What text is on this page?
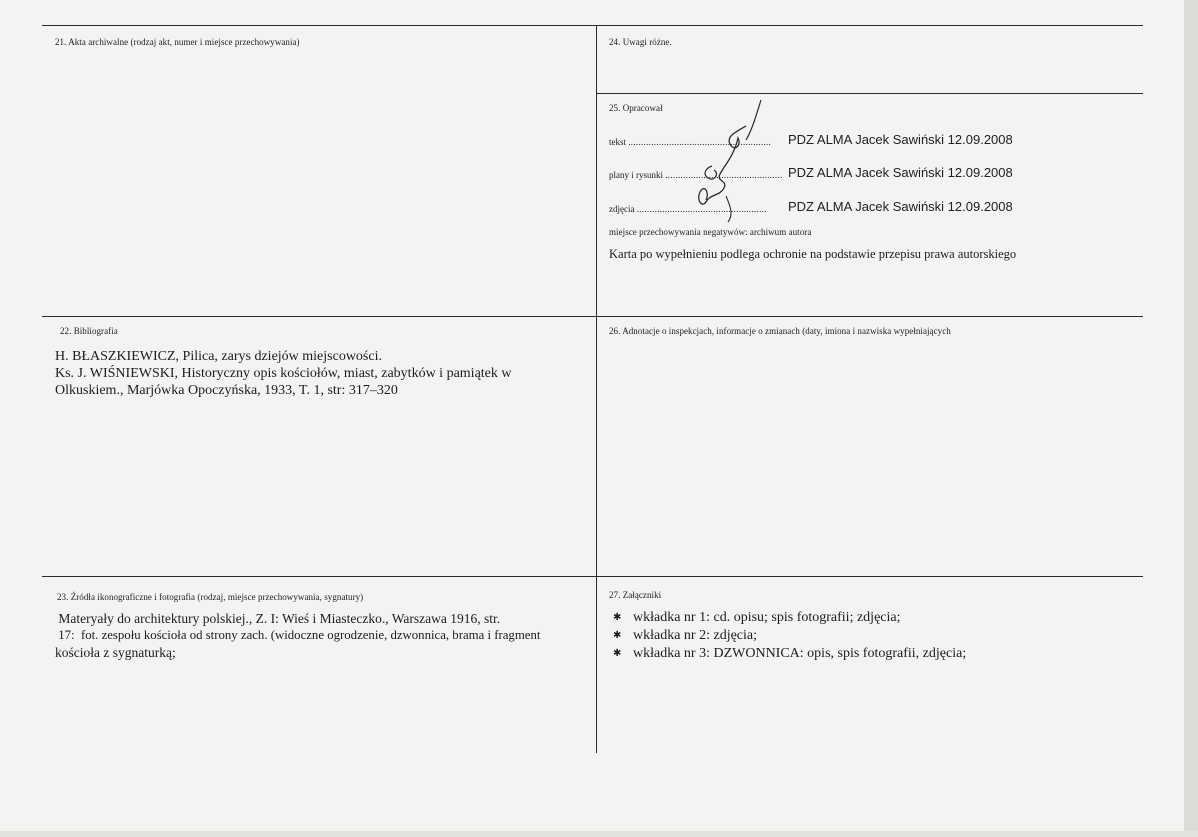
21. Akta archiwalne (rodzaj akt, numer i miejsce przechowywania)	24. Uwagi różne.
25. Opracował
tekst ........................................................ PDZ ALMA Jacek Sawiński 12.09.2008
plany i rysunki .............................................. PDZ ALMA Jacek Sawiński 12.09.2008
zdjęcia ................................................... PDZ ALMA Jacek Sawiński 12.09.2008
miejsce przechowywania negatywów: archiwum autora
Karta po wypełnieniu podlega ochronie na podstawie przepisu prawa autorskiego
22. Bibliografia
H. BŁASZKIEWICZ, Pilica, zarys dziejów miejscowości.
Ks. J. WIŚNIEWSKI, Historyczny opis kościołów, miast, zabytków i pamiątek w
Olkuskiem., Marjówka Opoczyńska, 1933, T. 1, str: 317–320
26. Adnotacje o inspekcjach, informacje o zmianach (daty, imiona i nazwiska wypełniających
23. Źródła ikonograficzne i fotografia (rodzaj, miejsce przechowywania, sygnatury)
Materyały do architektury polskiej., Z. I: Wieś i Miasteczko., Warszawa 1916, str.
17:  fot. zespołu kościoła od strony zach. (widoczne ogrodzenie, dzwonnica, brama i fragment
kościoła z sygnaturką;
27. Załączniki
✱ wkładka nr 1: cd. opisu; spis fotografii; zdjęcia;
✱ wkładka nr 2: zdjęcia;
✱ wkładka nr 3: DZWONNICA: opis, spis fotografii, zdjęcia;
